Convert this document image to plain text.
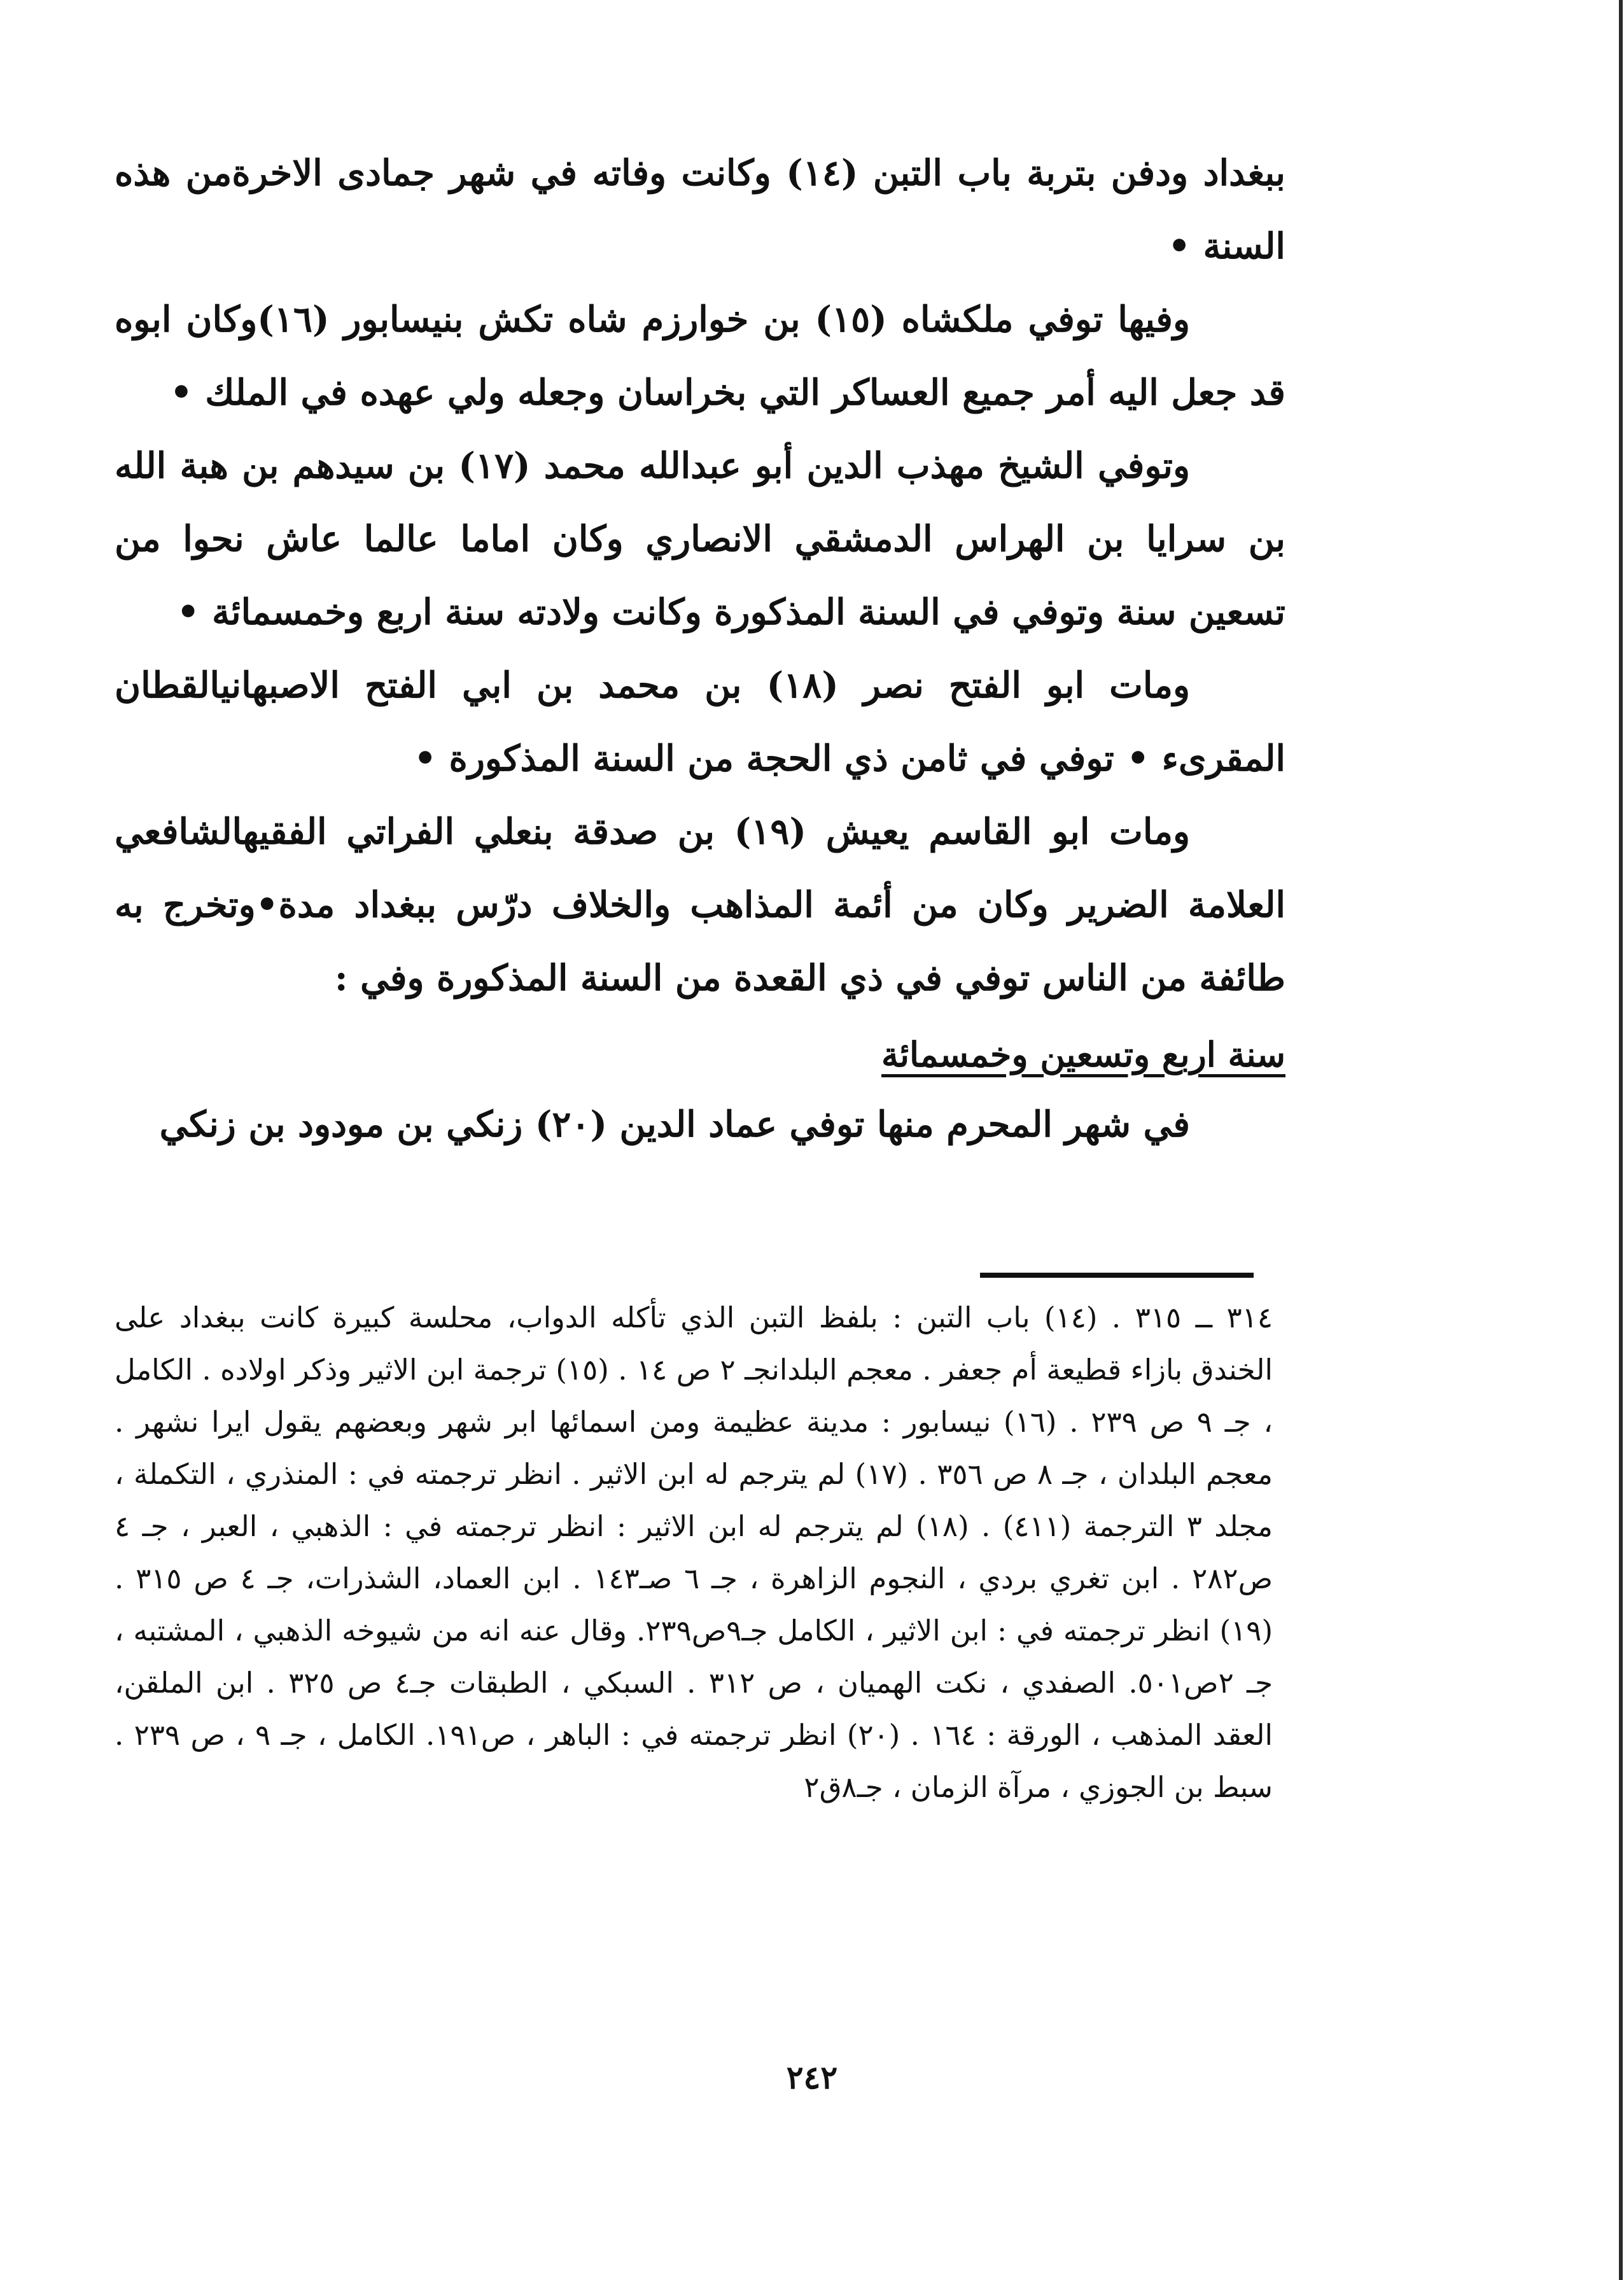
ببغداد ودفن بتربة باب التبن (١٤) وكانت وفاته في شهر جمادى الاخرةمن هذه السنة •

وفيها توفي ملكشاه (١٥) بن خوارزم شاه تكش بنيسابور (١٦)وكان ابوه قد جعل اليه أمر جميع العساكر التي بخراسان وجعله ولي عهده في الملك •

وتوفي الشيخ مهذب الدين أبو عبدالله محمد (١٧) بن سيدهم بن هبة الله بن سرايا بن الهراس الدمشقي الانصاري وكان اماما عالما عاش نحوا من تسعين سنة وتوفي في السنة المذكورة وكانت ولادته سنة اربع وخمسمائة •

ومات ابو الفتح نصر (١٨) بن محمد بن ابي الفتح الاصبهانيالقطان المقرىء • توفي في ثامن ذي الحجة من السنة المذكورة •

ومات ابو القاسم يعيش (١٩) بن صدقة بنعلي الفراتي الفقيهالشافعي العلامة الضرير وكان من أئمة المذاهب والخلاف درّس ببغداد مدة•وتخرج به طائفة من الناس توفي في ذي القعدة من السنة المذكورة وفي :

سنة اربع وتسعين وخمسمائة

في شهر المحرم منها توفي عماد الدين (٢٠) زنكي بن مودود بن زنكي

٣١٤ ــ ٣١٥ . (١٤) باب التبن : بلفظ التبن الذي تأكله الدواب، محلسة كبيرة كانت ببغداد على الخندق بازاء قطيعة أم جعفر . معجم البلدانجـ ٢ ص ١٤ . (١٥) ترجمة ابن الاثير وذكر اولاده . الكامل ، جـ ٩ ص ٢٣٩ . (١٦) نيسابور : مدينة عظيمة ومن اسمائها ابر شهر وبعضهم يقول ايرا نشهر . معجم البلدان ، جـ ٨ ص ٣٥٦ . (١٧) لم يترجم له ابن الاثير . انظر ترجمته في : المنذري ، التكملة ، مجلد ٣ الترجمة (٤١١) . (١٨) لم يترجم له ابن الاثير : انظر ترجمته في : الذهبي ، العبر ، جـ ٤ ص٢٨٢ . ابن تغري بردي ، النجوم الزاهرة ، جـ ٦ صـ١٤٣ . ابن العماد، الشذرات، جـ ٤ ص ٣١٥ . (١٩) انظر ترجمته في : ابن الاثير ، الكامل جـ٩ص٢٣٩. وقال عنه انه من شيوخه الذهبي ، المشتبه ، جـ ٢ص٥٠١. الصفدي ، نكت الهميان ، ص ٣١٢ . السبكي ، الطبقات جـ٤ ص ٣٢٥ . ابن الملقن، العقد المذهب ، الورقة : ١٦٤ . (٢٠) انظر ترجمته في : الباهر ، ص١٩١. الكامل ، جـ ٩ ، ص ٢٣٩ . سبط بن الجوزي ، مرآة الزمان ، جـ٨ق٢
٢٤٢
